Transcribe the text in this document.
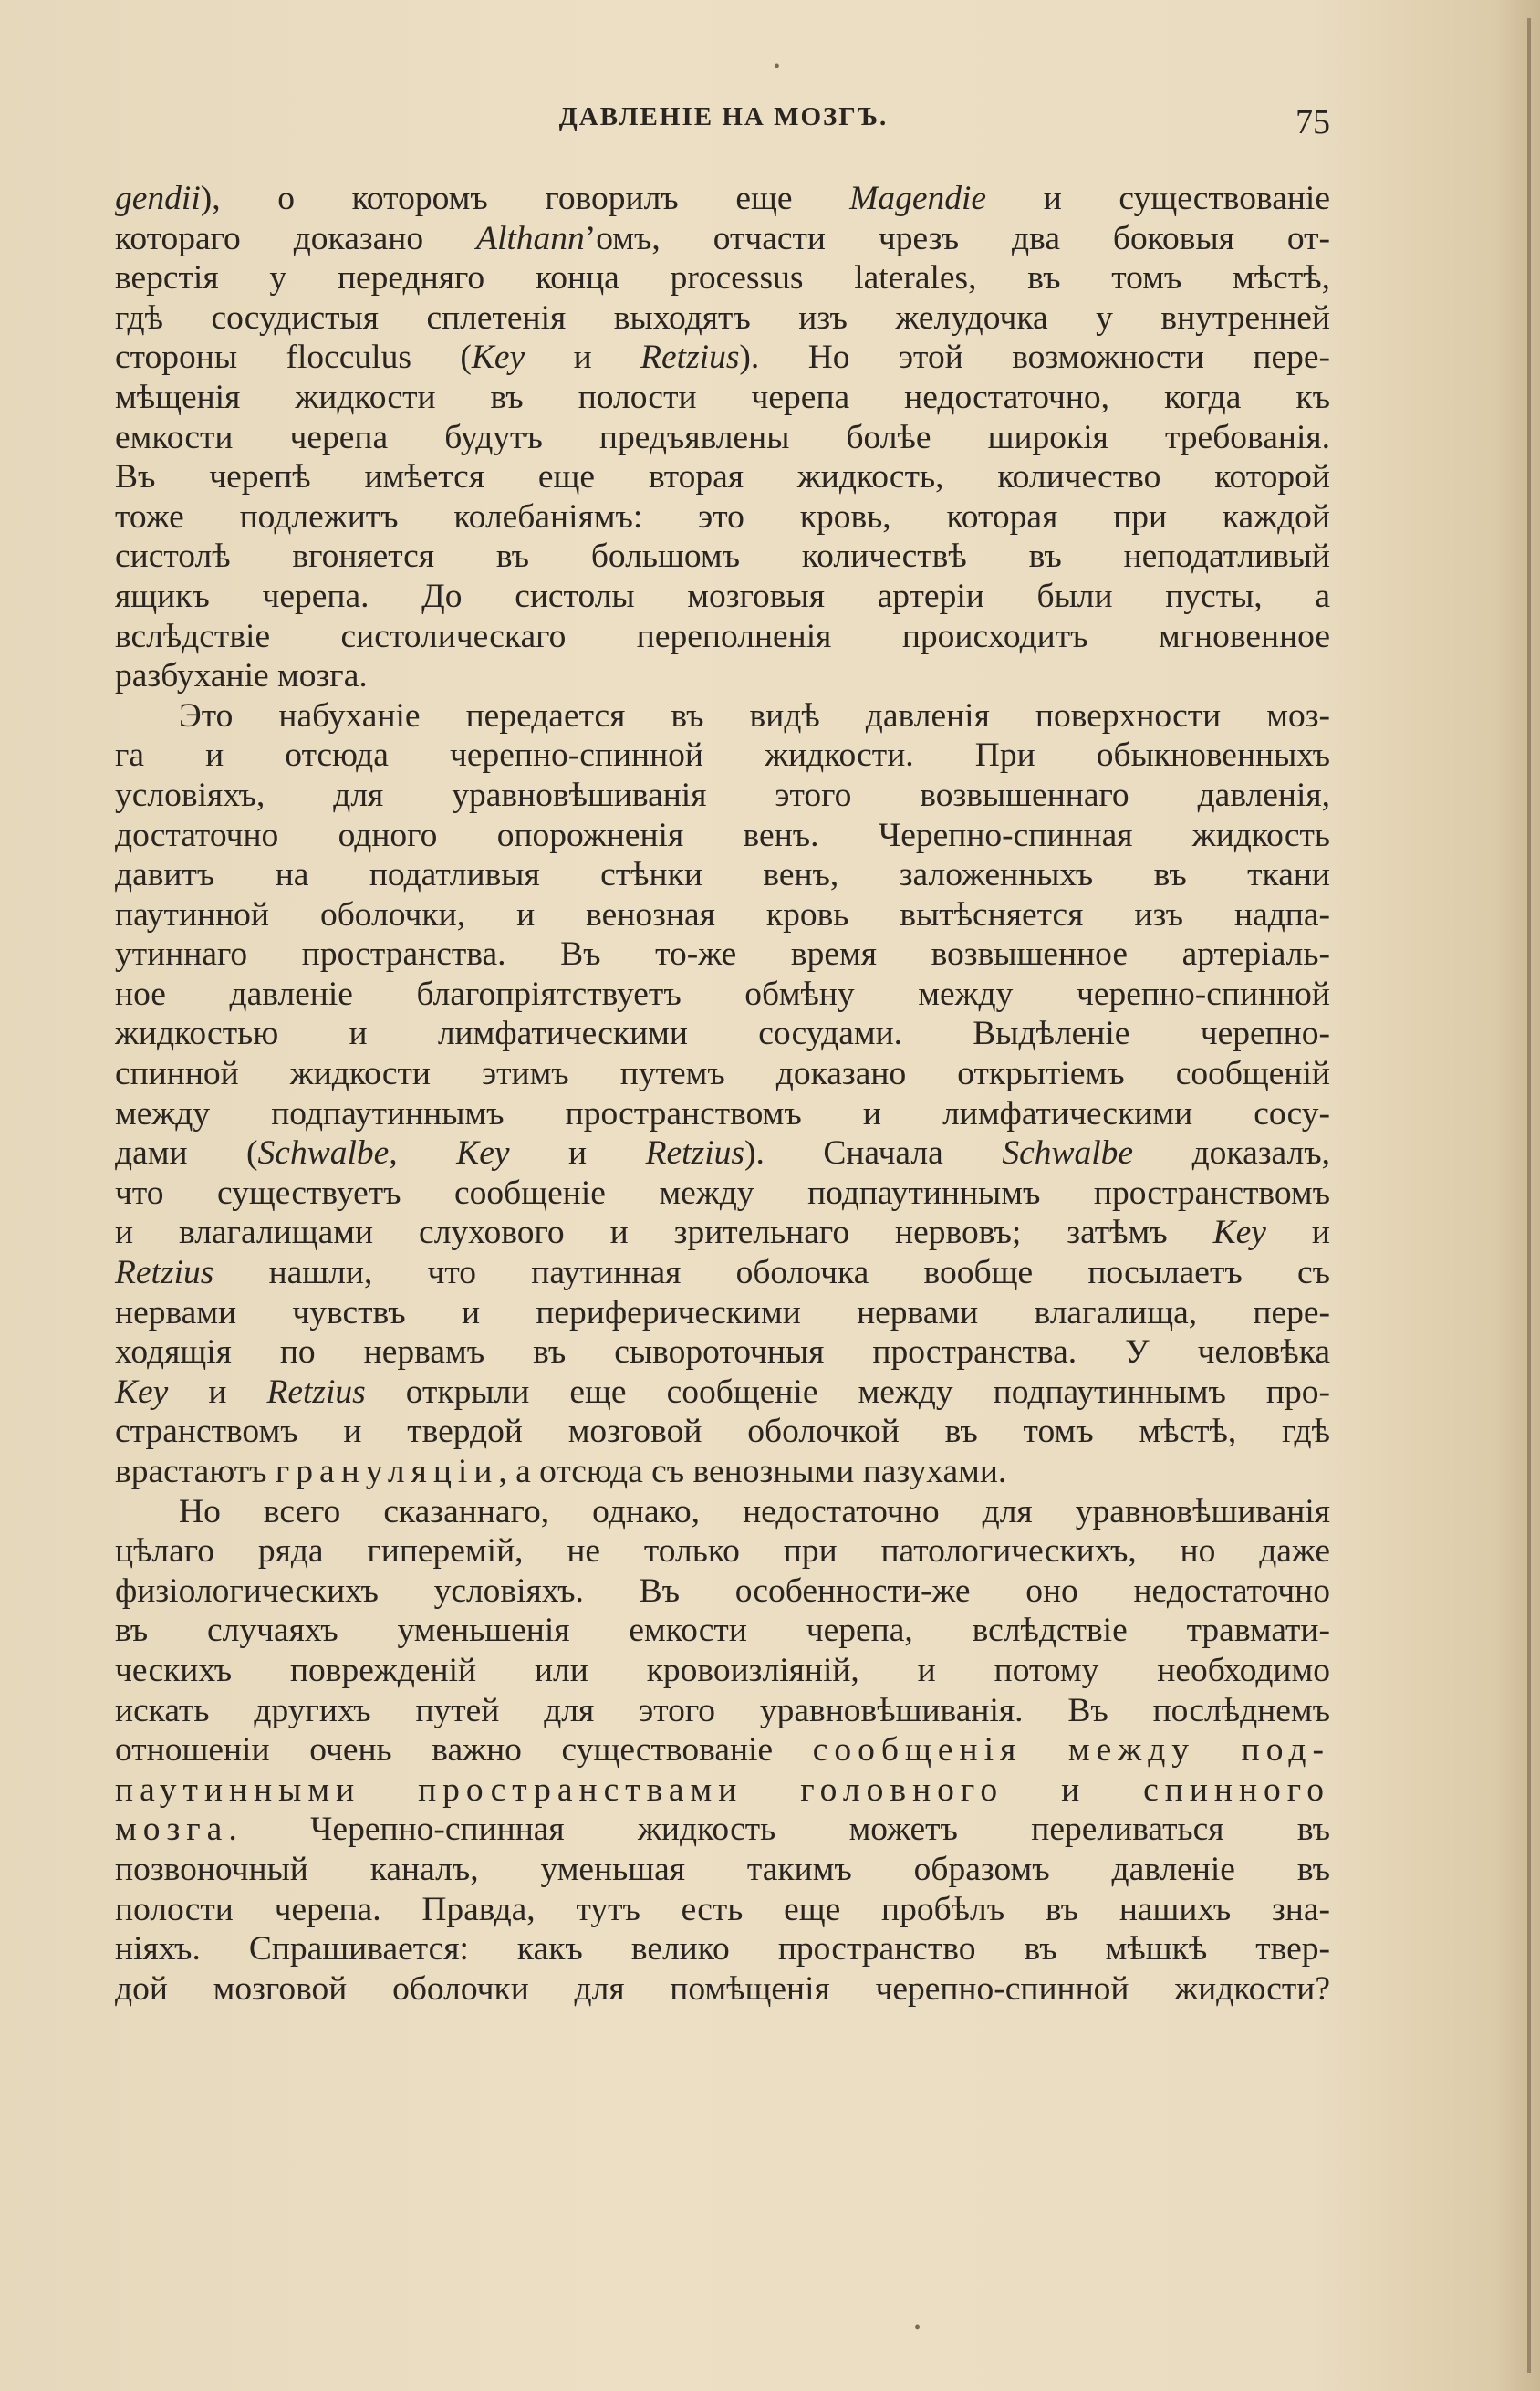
•
•
ДАВЛЕНІЕ НА МОЗГЪ.	75
gendii), о которомъ говорилъ еще Magendie и существованіе
котораго доказано Althann’омъ, отчасти чрезъ два боковыя от-
верстія у передняго конца processus laterales, въ томъ мѣстѣ,
гдѣ сосудистыя сплетенія выходятъ изъ желудочка у внутренней
стороны flocculus (Key и Retzius). Но этой возможности пере-
мѣщенія жидкости въ полости черепа недостаточно, когда къ
емкости черепа будутъ предъявлены болѣе широкія требованія.
Въ черепѣ имѣется еще вторая жидкость, количество которой
тоже подлежитъ колебаніямъ: это кровь, которая при каждой
систолѣ вгоняется въ большомъ количествѣ въ неподатливый
ящикъ черепа. До систолы мозговыя артеріи были пусты, а
вслѣдствіе систолическаго переполненія происходитъ мгновенное
разбуханіе мозга.
Это набуханіе передается въ видѣ давленія поверхности моз-
га и отсюда черепно-спинной жидкости. При обыкновенныхъ
условіяхъ, для уравновѣшиванія этого возвышеннаго давленія,
достаточно одного опорожненія венъ. Черепно-спинная жидкость
давитъ на податливыя стѣнки венъ, заложенныхъ въ ткани
паутинной оболочки, и венозная кровь вытѣсняется изъ надпа-
утиннаго пространства. Въ то-же время возвышенное артеріаль-
ное давленіе благопріятствуетъ обмѣну между черепно-спинной
жидкостью и лимфатическими сосудами. Выдѣленіе черепно-
спинной жидкости этимъ путемъ доказано открытіемъ сообщеній
между подпаутиннымъ пространствомъ и лимфатическими сосу-
дами (Schwalbe, Key и Retzius). Сначала Schwalbe доказалъ,
что существуетъ сообщеніе между подпаутиннымъ пространствомъ
и влагалищами слухового и зрительнаго нервовъ; затѣмъ Key и
Retzius нашли, что паутинная оболочка вообще посылаетъ съ
нервами чувствъ и периферическими нервами влагалища, пере-
ходящія по нервамъ въ сывороточныя пространства. У человѣка
Key и Retzius открыли еще сообщеніе между подпаутиннымъ про-
странствомъ и твердой мозговой оболочкой въ томъ мѣстѣ, гдѣ
врастаютъ грануляціи, а отсюда съ венозными пазухами.
Но всего сказаннаго, однако, недостаточно для уравновѣшиванія
цѣлаго ряда гиперемій, не только при патологическихъ, но даже
физіологическихъ условіяхъ. Въ особенности-же оно недостаточно
въ случаяхъ уменьшенія емкости черепа, вслѣдствіе травмати-
ческихъ поврежденій или кровоизліяній, и потому необходимо
искать другихъ путей для этого уравновѣшиванія. Въ послѣднемъ
отношеніи очень важно существованіе сообщенія между под-
паутинными пространствами головного и спинного
мозга. Черепно-спинная жидкость можетъ переливаться въ
позвоночный каналъ, уменьшая такимъ образомъ давленіе въ
полости черепа. Правда, тутъ есть еще пробѣлъ въ нашихъ зна-
ніяхъ. Спрашивается: какъ велико пространство въ мѣшкѣ твер-
дой мозговой оболочки для помѣщенія черепно-спинной жидкости?
